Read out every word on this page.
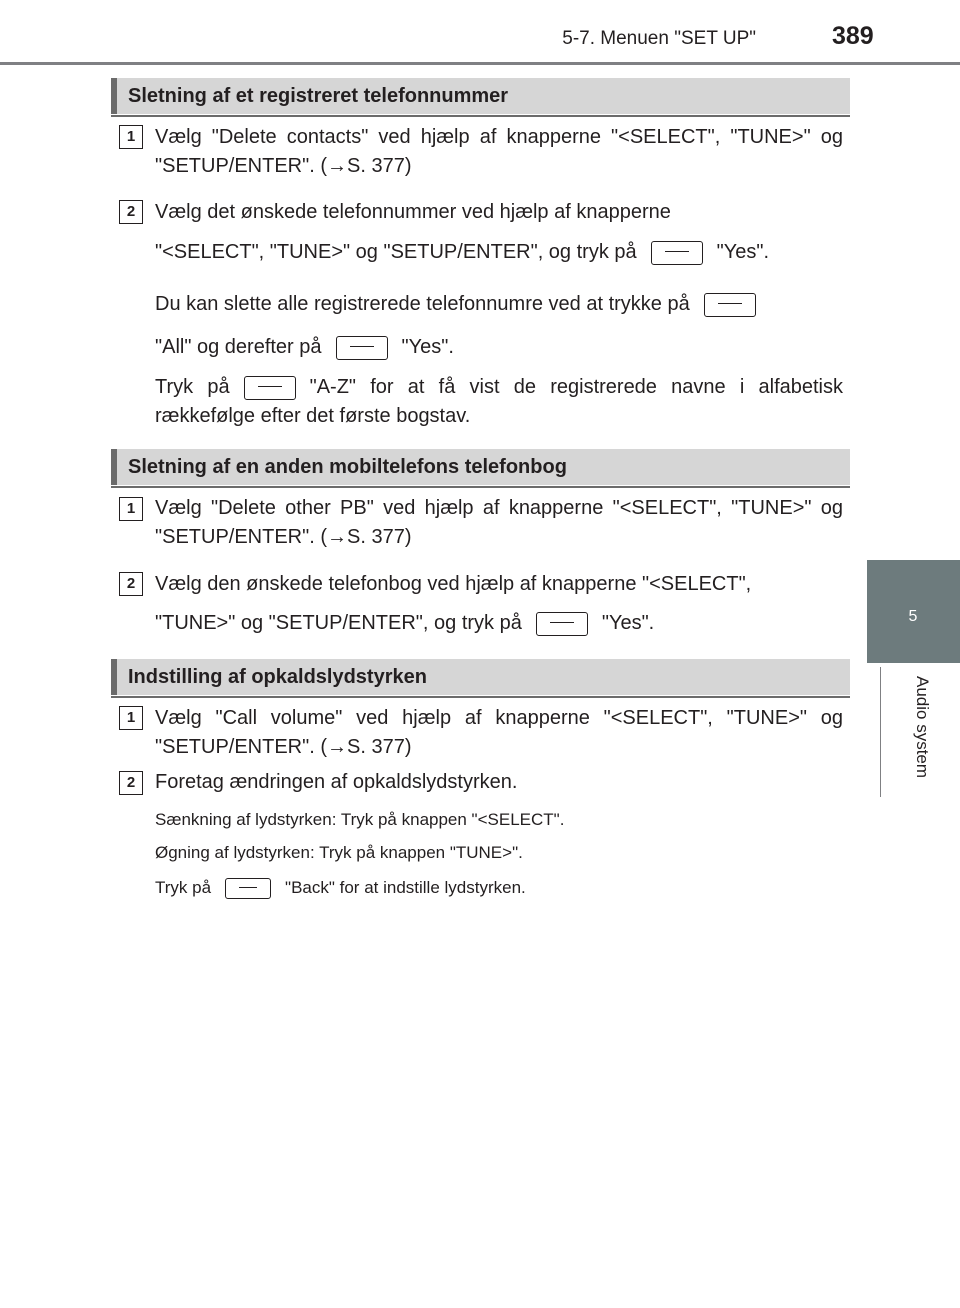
5-7. Menuen "SET UP"	389
5
Audio system
Sletning af et registreret telefonnummer
1 Vælg "Delete contacts" ved hjælp af knapperne "<SELECT", "TUNE>" og "SETUP/ENTER". (→S. 377)
2 Vælg det ønskede telefonnummer ved hjælp af knapperne
"<SELECT", "TUNE>" og "SETUP/ENTER", og tryk på	"Yes".
Du kan slette alle registrerede telefonnumre ved at trykke på
"All" og derefter på	"Yes".
Tryk på	"A-Z" for at få vist de registrerede navne i alfabetisk rækkefølge efter det første bogstav.
Sletning af en anden mobiltelefons telefonbog
1 Vælg "Delete other PB" ved hjælp af knapperne "<SELECT", "TUNE>" og "SETUP/ENTER". (→S. 377)
2 Vælg den ønskede telefonbog ved hjælp af knapperne "<SELECT",
"TUNE>" og "SETUP/ENTER", og tryk på	"Yes".
Indstilling af opkaldslydstyrken
1 Vælg "Call volume" ved hjælp af knapperne "<SELECT", "TUNE>" og "SETUP/ENTER". (→S. 377)
2 Foretag ændringen af opkaldslydstyrken.
Sænkning af lydstyrken: Tryk på knappen "<SELECT".
Øgning af lydstyrken: Tryk på knappen "TUNE>".
Tryk på	"Back" for at indstille lydstyrken.
